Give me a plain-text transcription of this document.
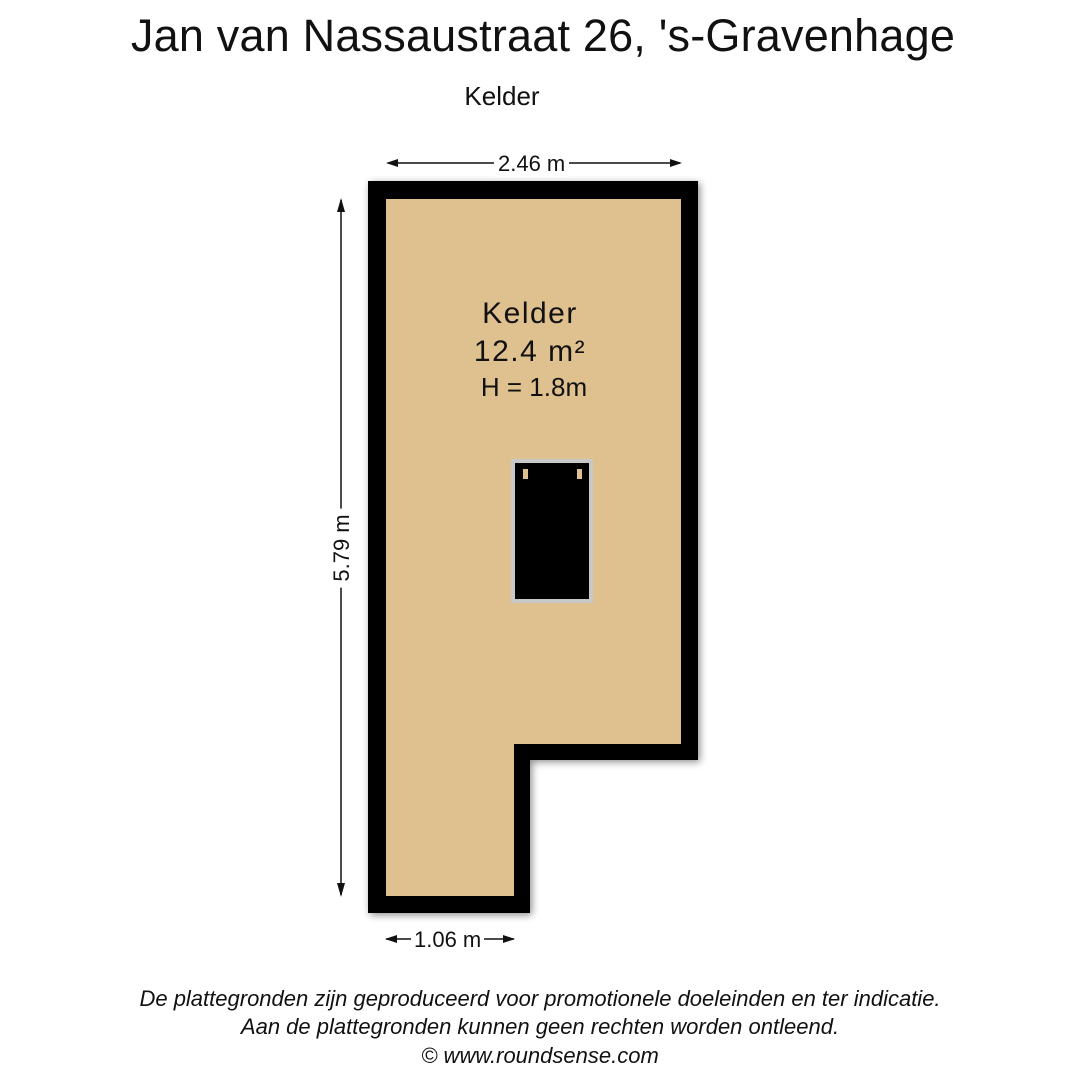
Jan van Nassaustraat 26, 's-Gravenhage
Kelder
2.46 m
5.79 m
1.06 m
Kelder
12.4 m²
H = 1.8m
De plattegronden zijn geproduceerd voor promotionele doeleinden en ter indicatie.
Aan de plattegronden kunnen geen rechten worden ontleend.
© www.roundsense.com
